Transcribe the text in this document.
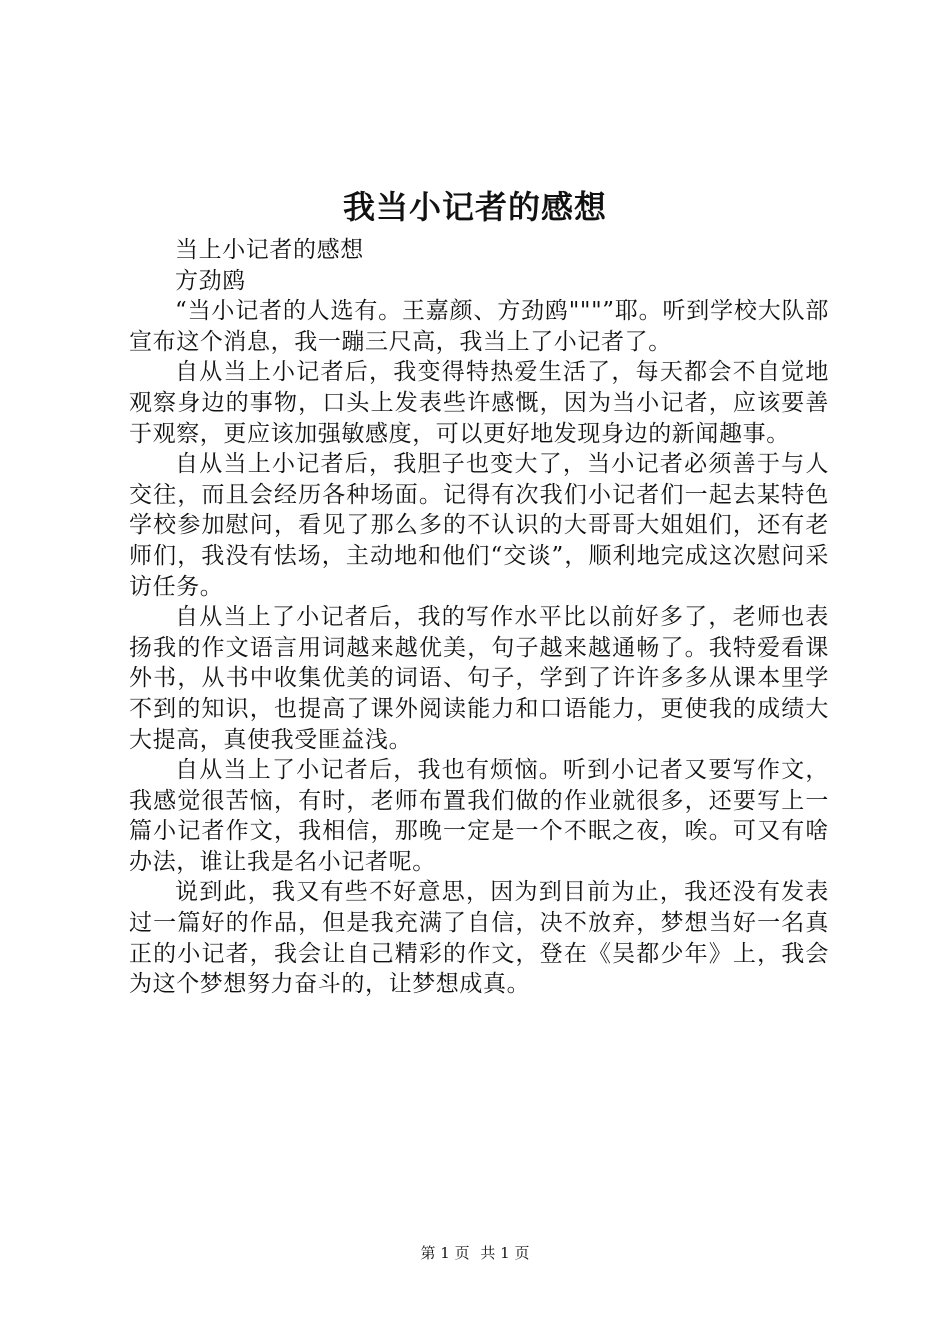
我当小记者的感想

当上小记者的感想

方劲鸥

“当小记者的人选有。王嘉颜、方劲鸥"""”耶。听到学校大队部宣布这个消息，我一蹦三尺高，我当上了小记者了。

自从当上小记者后，我变得特热爱生活了，每天都会不自觉地观察身边的事物，口头上发表些许感慨，因为当小记者，应该要善于观察，更应该加强敏感度，可以更好地发现身边的新闻趣事。

自从当上小记者后，我胆子也变大了，当小记者必须善于与人交往，而且会经历各种场面。记得有次我们小记者们一起去某特色学校参加慰问，看见了那么多的不认识的大哥哥大姐姐们，还有老师们，我没有怯场，主动地和他们“交谈”，顺利地完成这次慰问采访任务。

自从当上了小记者后，我的写作水平比以前好多了，老师也表扬我的作文语言用词越来越优美，句子越来越通畅了。我特爱看课外书，从书中收集优美的词语、句子，学到了许许多多从课本里学不到的知识，也提高了课外阅读能力和口语能力，更使我的成绩大大提高，真使我受匪益浅。

自从当上了小记者后，我也有烦恼。听到小记者又要写作文，我感觉很苦恼，有时，老师布置我们做的作业就很多，还要写上一篇小记者作文，我相信，那晚一定是一个不眠之夜，唉。可又有啥办法，谁让我是名小记者呢。

说到此，我又有些不好意思，因为到目前为止，我还没有发表过一篇好的作品，但是我充满了自信，决不放弃，梦想当好一名真正的小记者，我会让自己精彩的作文，登在《吴都少年》上，我会为这个梦想努力奋斗的，让梦想成真。

第 1 页 共 1 页
